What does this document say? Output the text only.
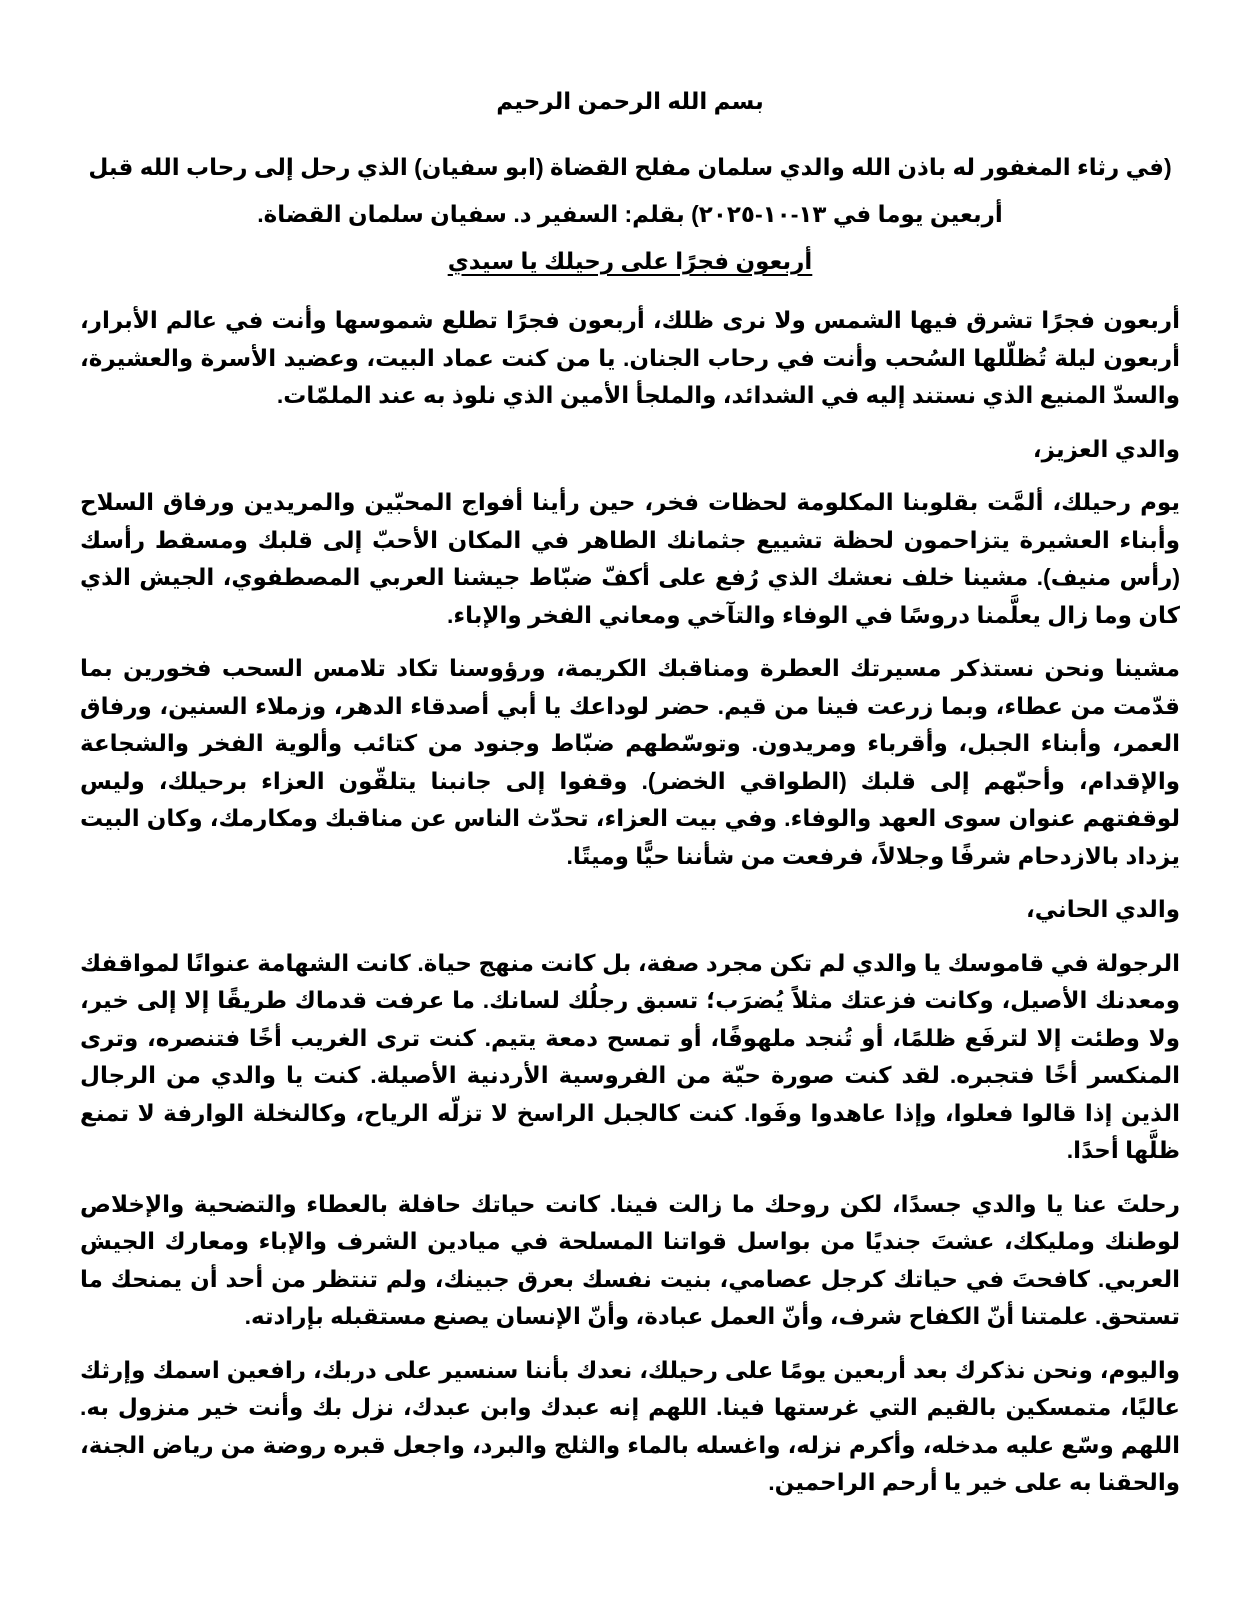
بسم الله الرحمن الرحيم

(في رثاء المغفور له باذن الله والدي سلمان مفلح القضاة (ابو سفيان) الذي رحل إلى رحاب الله قبل أربعين يوما في ١٣-١٠-٢٠٢٥) بقلم: السفير د. سفيان سلمان القضاة.

أربعون فجرًا على رحيلك يا سيدي

أربعون فجرًا تشرق فيها الشمس ولا نرى ظلك، أربعون فجرًا تطلع شموسها وأنت في عالم الأبرار، أربعون ليلة تُظلّلها السُحب وأنت في رحاب الجنان. يا من كنت عماد البيت، وعضيد الأسرة والعشيرة، والسدّ المنيع الذي نستند إليه في الشدائد، والملجأ الأمين الذي نلوذ به عند الملمّات.

والدي العزيز،

يوم رحيلك، ألمَّت بقلوبنا المكلومة لحظات فخر، حين رأينا أفواج المحبّين والمريدين ورفاق السلاح وأبناء العشيرة يتزاحمون لحظة تشييع جثمانك الطاهر في المكان الأحبّ إلى قلبك ومسقط رأسك (رأس منيف). مشينا خلف نعشك الذي رُفع على أكفّ ضبّاط جيشنا العربي المصطفوي، الجيش الذي كان وما زال يعلَّمنا دروسًا في الوفاء والتآخي ومعاني الفخر والإباء.

مشينا ونحن نستذكر مسيرتك العطرة ومناقبك الكريمة، ورؤوسنا تكاد تلامس السحب فخورين بما قدّمت من عطاء، وبما زرعت فينا من قيم. حضر لوداعك يا أبي أصدقاء الدهر، وزملاء السنين، ورفاق العمر، وأبناء الجبل، وأقرباء ومريدون. وتوسّطهم ضبّاط وجنود من كتائب وألوية الفخر والشجاعة والإقدام، وأحبّهم إلى قلبك (الطواقي الخضر). وقفوا إلى جانبنا يتلقّون العزاء برحيلك، وليس لوقفتهم عنوان سوى العهد والوفاء. وفي بيت العزاء، تحدّث الناس عن مناقبك ومكارمك، وكان البيت يزداد بالازدحام شرفًا وجلالاً، فرفعت من شأننا حيًّا وميتًا.

والدي الحاني،

الرجولة في قاموسك يا والدي لم تكن مجرد صفة، بل كانت منهج حياة. كانت الشهامة عنوانًا لمواقفك ومعدنك الأصيل، وكانت فزعتك مثلاً يُضرَب؛ تسبق رجلُك لسانك. ما عرفت قدماك طريقًا إلا إلى خير، ولا وطئت إلا لترفَع ظلمًا، أو تُنجد ملهوفًا، أو تمسح دمعة يتيم. كنت ترى الغريب أخًا فتنصره، وترى المنكسر أخًا فتجبره. لقد كنت صورة حيّة من الفروسية الأردنية الأصيلة. كنت يا والدي من الرجال الذين إذا قالوا فعلوا، وإذا عاهدوا وفَوا. كنت كالجبل الراسخ لا تزلّه الرياح، وكالنخلة الوارفة لا تمنع ظلَّها أحدًا.

رحلتَ عنا يا والدي جسدًا، لكن روحك ما زالت فينا. كانت حياتك حافلة بالعطاء والتضحية والإخلاص لوطنك ومليكك، عشتَ جنديًا من بواسل قواتنا المسلحة في ميادين الشرف والإباء ومعارك الجيش العربي. كافحتَ في حياتك كرجل عصامي، بنيت نفسك بعرق جبينك، ولم تنتظر من أحد أن يمنحك ما تستحق. علمتنا أنّ الكفاح شرف، وأنّ العمل عبادة، وأنّ الإنسان يصنع مستقبله بإرادته.

واليوم، ونحن نذكرك بعد أربعين يومًا على رحيلك، نعدك بأننا سنسير على دربك، رافعين اسمك وإرثك عاليًا، متمسكين بالقيم التي غرستها فينا. اللهم إنه عبدك وابن عبدك، نزل بك وأنت خير منزول به. اللهم وسّع عليه مدخله، وأكرم نزله، واغسله بالماء والثلج والبرد، واجعل قبره روضة من رياض الجنة، والحقنا به على خير يا أرحم الراحمين.
